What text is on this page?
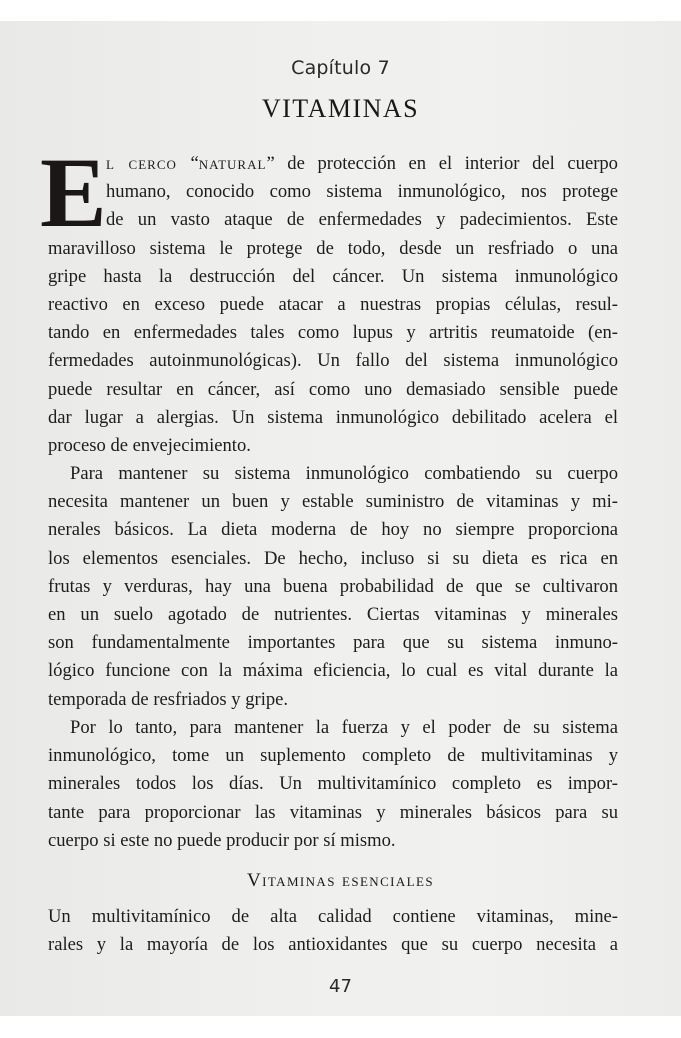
Capítulo 7
VITAMINAS
E l cerco “natural” de protección en el interior del cuerpo
humano, conocido como sistema inmunológico, nos protege
de un vasto ataque de enfermedades y padecimientos. Este
maravilloso sistema le protege de todo, desde un resfriado o una
gripe hasta la destrucción del cáncer. Un sistema inmunológico
reactivo en exceso puede atacar a nuestras propias células, resul-
tando en enfermedades tales como lupus y artritis reumatoide (en-
fermedades autoinmunológicas). Un fallo del sistema inmunológico
puede resultar en cáncer, así como uno demasiado sensible puede
dar lugar a alergias. Un sistema inmunológico debilitado acelera el
proceso de envejecimiento.
Para mantener su sistema inmunológico combatiendo su cuerpo
necesita mantener un buen y estable suministro de vitaminas y mi-
nerales básicos. La dieta moderna de hoy no siempre proporciona
los elementos esenciales. De hecho, incluso si su dieta es rica en
frutas y verduras, hay una buena probabilidad de que se cultivaron
en un suelo agotado de nutrientes. Ciertas vitaminas y minerales
son fundamentalmente importantes para que su sistema inmuno-
lógico funcione con la máxima eficiencia, lo cual es vital durante la
temporada de resfriados y gripe.
Por lo tanto, para mantener la fuerza y el poder de su sistema
inmunológico, tome un suplemento completo de multivitaminas y
minerales todos los días. Un multivitamínico completo es impor-
tante para proporcionar las vitaminas y minerales básicos para su
cuerpo si este no puede producir por sí mismo.
Vitaminas esenciales
Un multivitamínico de alta calidad contiene vitaminas, mine-
rales y la mayoría de los antioxidantes que su cuerpo necesita a
47
